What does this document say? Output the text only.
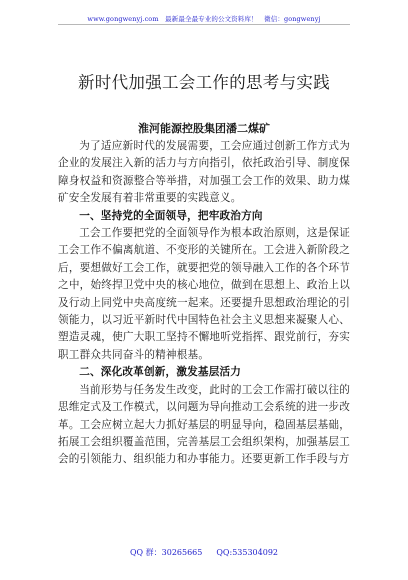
www.gongwenyj.com　最新最全最专业的公文资料库！　微信：gongwenyj
新时代加强工会工作的思考与实践
淮河能源控股集团潘二煤矿

为了适应新时代的发展需要，工会应通过创新工作方式为企业的发展注入新的活力与方向指引，依托政治引导、制度保障身权益和资源整合等举措，对加强工会工作的效果、助力煤矿安全发展有着非常重要的实践意义。

一、坚持党的全面领导，把牢政治方向

工会工作要把党的全面领导作为根本政治原则，这是保证工会工作不偏离航道、不变形的关键所在。工会进入新阶段之后，要想做好工会工作，就要把党的领导融入工作的各个环节之中，始终捍卫党中央的核心地位，做到在思想上、政治上以及行动上同党中央高度统一起来。还要提升思想政治理论的引领能力，以习近平新时代中国特色社会主义思想来凝聚人心、塑造灵魂，使广大职工坚持不懈地听党指挥、跟党前行，夯实职工群众共同奋斗的精神根基。

二、深化改革创新，激发基层活力

当前形势与任务发生改变，此时的工会工作需打破以往的思维定式及工作模式，以问题为导向推动工会系统的进一步改革。工会应树立起大力抓好基层的明显导向，稳固基层基础，拓展工会组织覆盖范围，完善基层工会组织架构，加强基层工会的引领能力、组织能力和办事能力。还要更新工作手段与方

QQ 群：30265665 QQ:535304092
